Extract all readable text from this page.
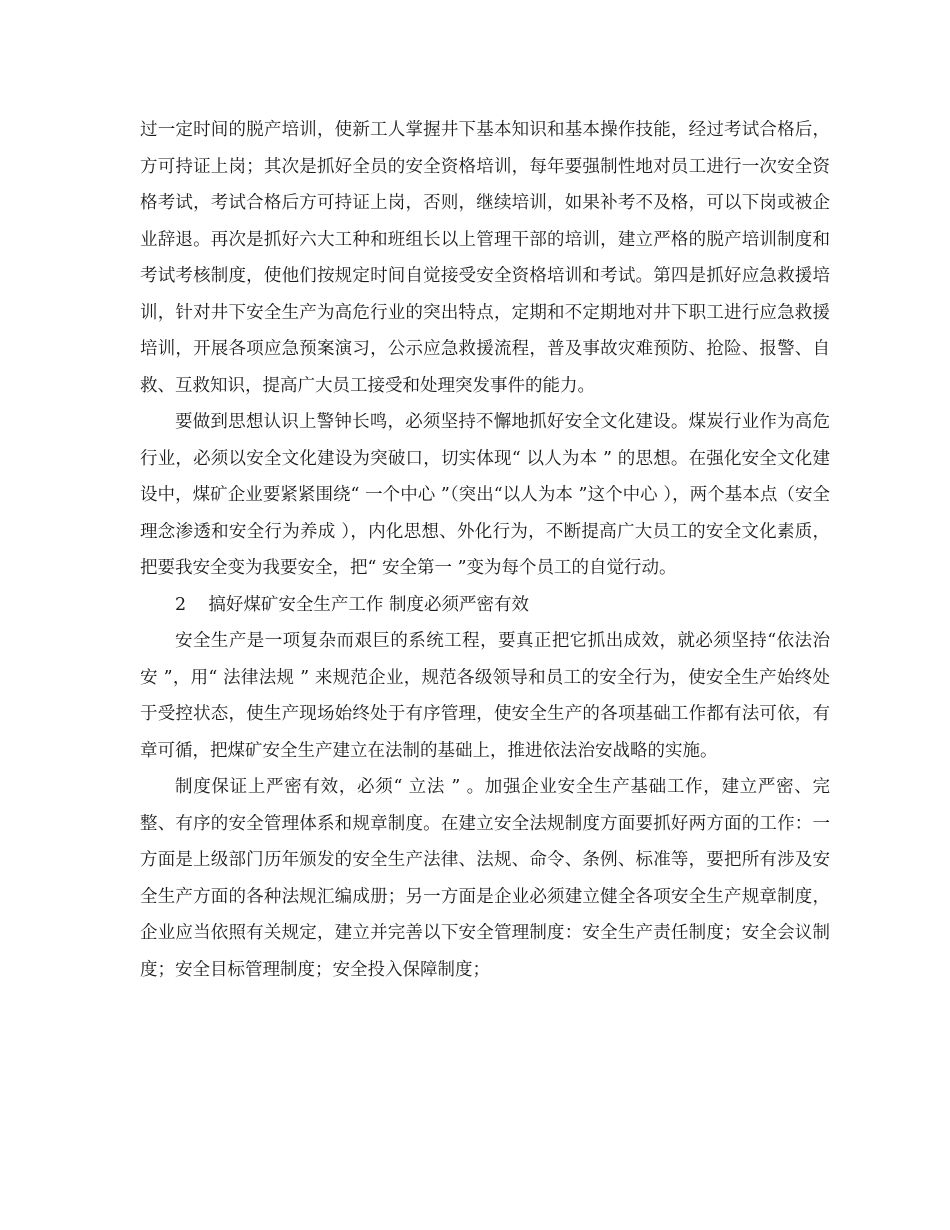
过一定时间的脱产培训，使新工人掌握井下基本知识和基本操作技能，经过考试合格后，方可持证上岗；其次是抓好全员的安全资格培训，每年要强制性地对员工进行一次安全资格考试，考试合格后方可持证上岗，否则，继续培训，如果补考不及格，可以下岗或被企业辞退。再次是抓好六大工种和班组长以上管理干部的培训，建立严格的脱产培训制度和考试考核制度，使他们按规定时间自觉接受安全资格培训和考试。第四是抓好应急救援培训，针对井下安全生产为高危行业的突出特点，定期和不定期地对井下职工进行应急救援培训，开展各项应急预案演习，公示应急救援流程，普及事故灾难预防、抢险、报警、自救、互救知识，提高广大员工接受和处理突发事件的能力。

要做到思想认识上警钟长鸣，必须坚持不懈地抓好安全文化建设。煤炭行业作为高危行业，必须以安全文化建设为突破口，切实体现“ 以人为本 ” 的思想。在强化安全文化建设中，煤矿企业要紧紧围绕“ 一个中心 ”（突出“以人为本 ”这个中心 ），两个基本点（安全理念渗透和安全行为养成 ），内化思想、外化行为，不断提高广大员工的安全文化素质，把要我安全变为我要安全，把“ 安全第一 ”变为每个员工的自觉行动。

2    搞好煤矿安全生产工作 制度必须严密有效

安全生产是一项复杂而艰巨的系统工程，要真正把它抓出成效，就必须坚持“依法治安 ”，用“ 法律法规 ” 来规范企业，规范各级领导和员工的安全行为，使安全生产始终处于受控状态，使生产现场始终处于有序管理，使安全生产的各项基础工作都有法可依，有章可循，把煤矿安全生产建立在法制的基础上，推进依法治安战略的实施。

制度保证上严密有效，必须“ 立法 ” 。加强企业安全生产基础工作，建立严密、完整、有序的安全管理体系和规章制度。在建立安全法规制度方面要抓好两方面的工作：一方面是上级部门历年颁发的安全生产法律、法规、命令、条例、标准等，要把所有涉及安全生产方面的各种法规汇编成册；另一方面是企业必须建立健全各项安全生产规章制度，企业应当依照有关规定，建立并完善以下安全管理制度：安全生产责任制度；安全会议制度；安全目标管理制度；安全投入保障制度；
